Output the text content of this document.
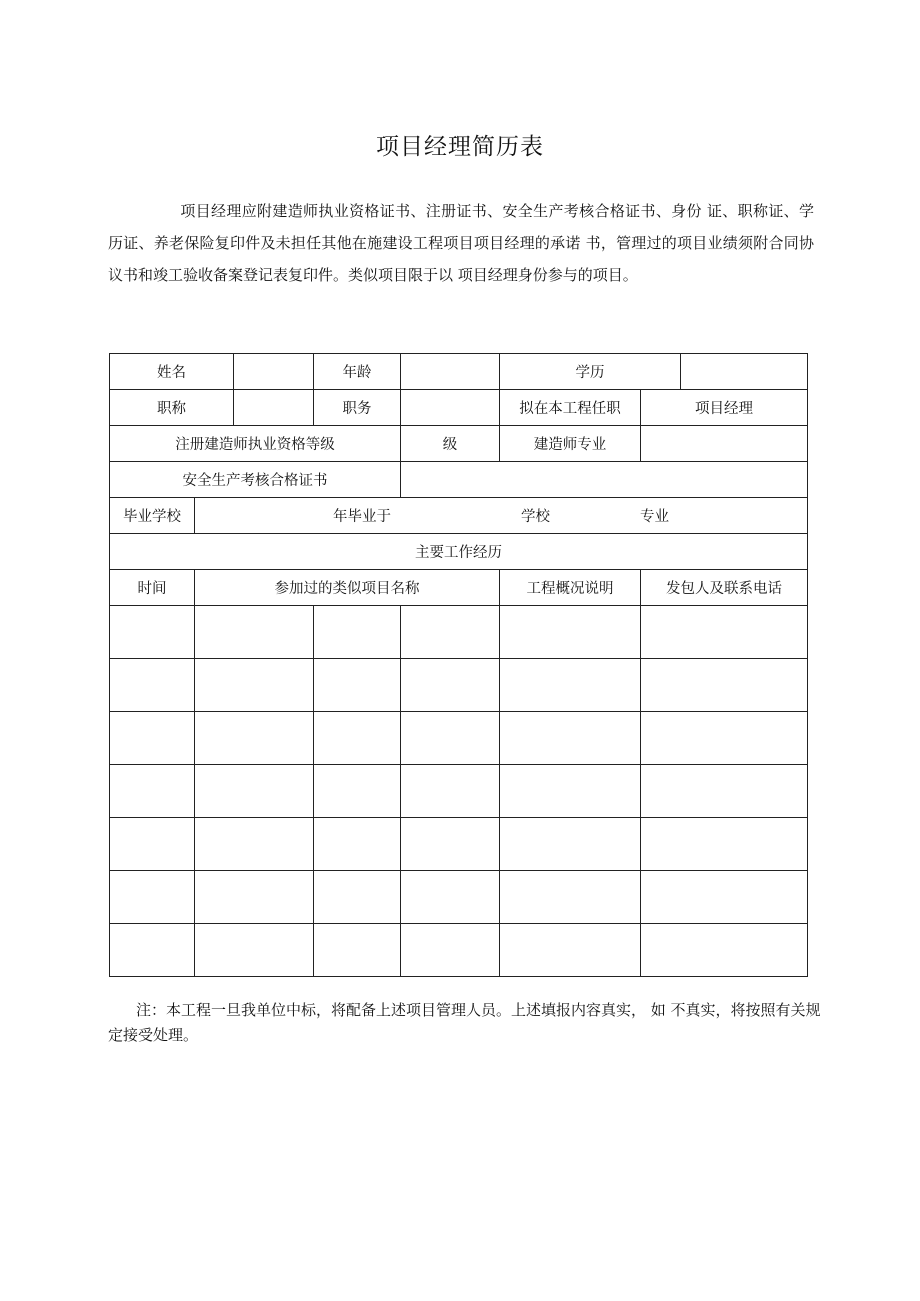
项目经理简历表

项目经理应附建造师执业资格证书、注册证书、安全生产考核合格证书、身份 证、职称证、学历证、养老保险复印件及未担任其他在施建设工程项目项目经理的承诺 书，管理过的项目业绩须附合同协议书和竣工验收备案登记表复印件。类似项目限于以 项目经理身份参与的项目。

姓名			年龄		学历		
职称			职务		拟在本工程任职	项目经理	
注册建造师执业资格等级				级	建造师专业		
安全生产考核合格证书							
毕业学校	年毕业于 学校 专业						
主要工作经历							
时间	参加过的类似项目名称				工程概况说明	发包人及联系电话	

注：本工程一旦我单位中标，将配备上述项目管理人员。上述填报内容真实， 如 不真实，将按照有关规定接受处理。
